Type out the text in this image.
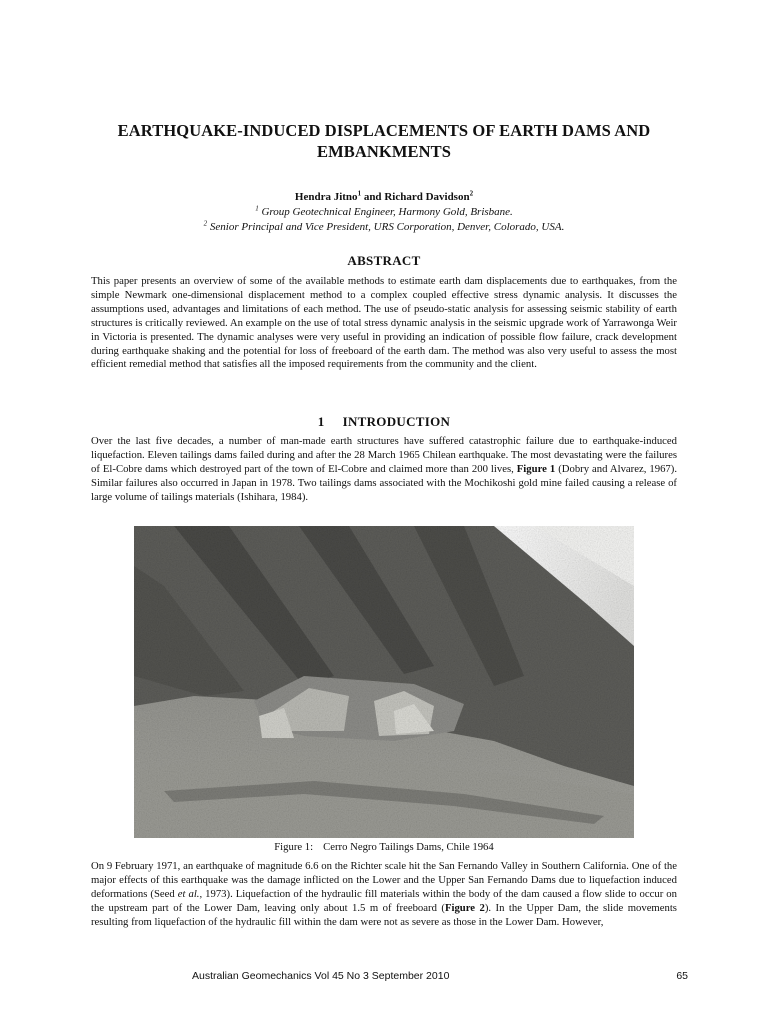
EARTHQUAKE-INDUCED DISPLACEMENTS OF EARTH DAMS AND EMBANKMENTS
Hendra Jitno$^1$ and Richard Davidson$^2$
$^1$ Group Geotechnical Engineer, Harmony Gold, Brisbane.
$^2$ Senior Principal and Vice President, URS Corporation, Denver, Colorado, USA.
ABSTRACT

This paper presents an overview of some of the available methods to estimate earth dam displacements due to earthquakes, from the simple Newmark one-dimensional displacement method to a complex coupled effective stress dynamic analysis. It discusses the assumptions used, advantages and limitations of each method. The use of pseudo-static analysis for assessing seismic stability of earth structures is critically reviewed. An example on the use of total stress dynamic analysis in the seismic upgrade work of Yarrawonga Weir in Victoria is presented. The dynamic analyses were very useful in providing an indication of possible flow failure, crack development during earthquake shaking and the potential for loss of freeboard of the earth dam. The method was also very useful to assess the most efficient remedial method that satisfies all the imposed requirements from the community and the client.

1 INTRODUCTION

Over the last five decades, a number of man-made earth structures have suffered catastrophic failure due to earthquake-induced liquefaction. Eleven tailings dams failed during and after the 28 March 1965 Chilean earthquake. The most devastating were the failures of El-Cobre dams which destroyed part of the town of El-Cobre and claimed more than 200 lives, Figure 1 (Dobry and Alvarez, 1967). Similar failures also occurred in Japan in 1978. Two tailings dams associated with the Mochikoshi gold mine failed causing a release of large volume of tailings materials (Ishihara, 1984).

Figure 1: Cerro Negro Tailings Dams, Chile 1964

On 9 February 1971, an earthquake of magnitude 6.6 on the Richter scale hit the San Fernando Valley in Southern California. One of the major effects of this earthquake was the damage inflicted on the Lower and the Upper San Fernando Dams due to liquefaction induced deformations (Seed et al., 1973). Liquefaction of the hydraulic fill materials within the body of the dam caused a flow slide to occur on the upstream part of the Lower Dam, leaving only about 1.5 m of freeboard (Figure 2). In the Upper Dam, the slide movements resulting from liquefaction of the hydraulic fill within the dam were not as severe as those in the Lower Dam. However,

Australian Geomechanics Vol 45 No 3 September 2010	65
